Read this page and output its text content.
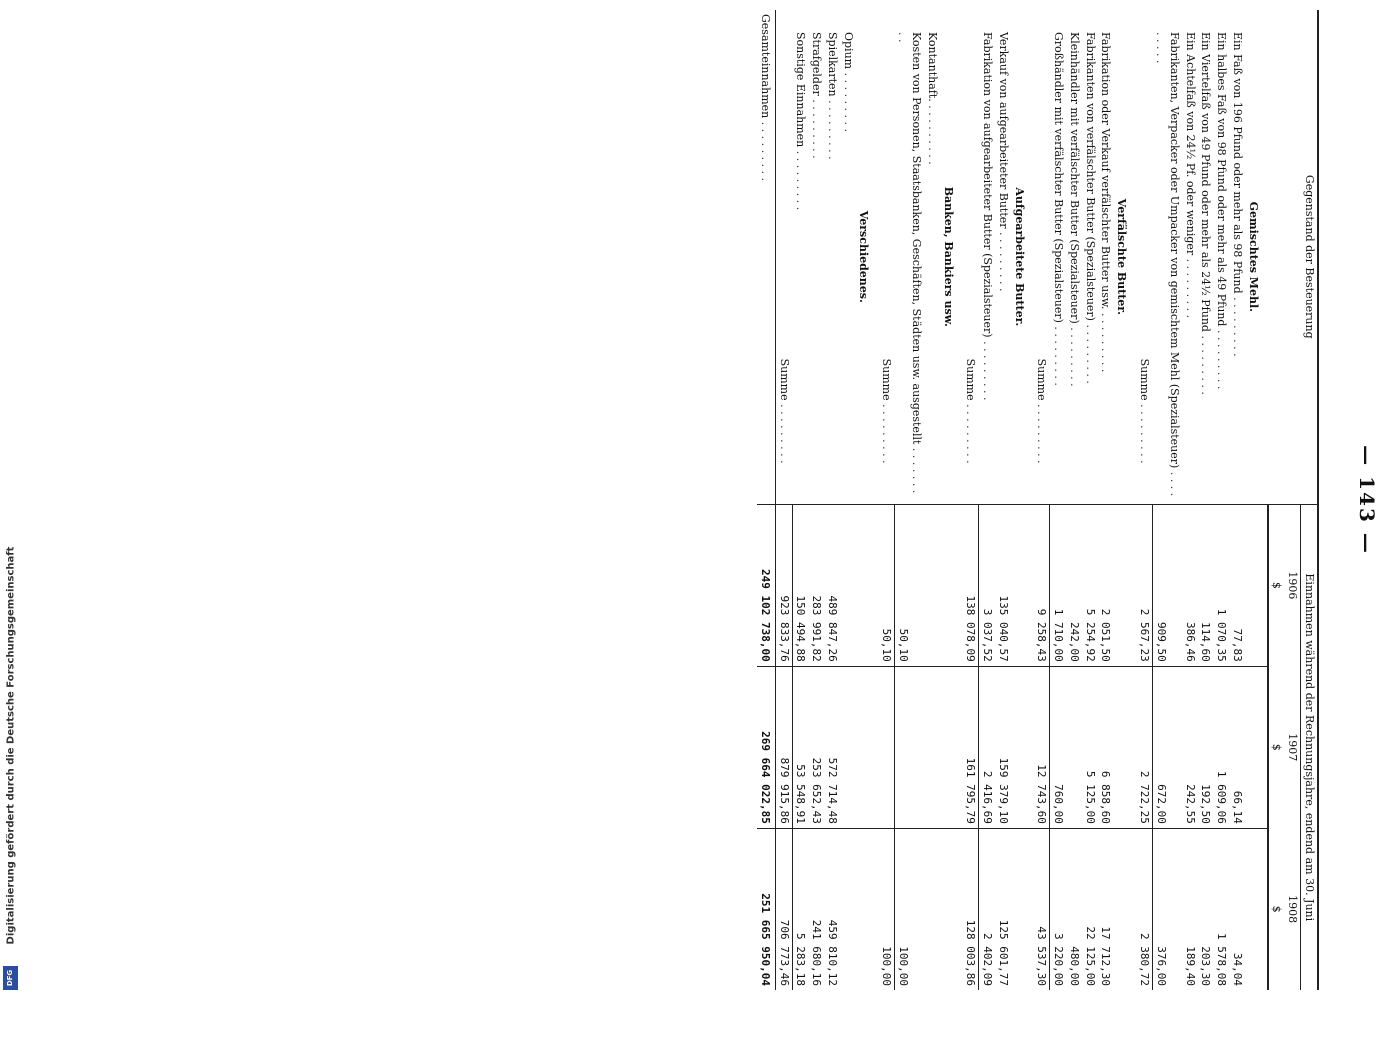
— 143 —
Gegenstand der Besteuerung	Einnahmen während der Rechnungsjahre, endend am 30. Juni		
	1906	1907	1908
	$	$	$
Gemischtes Mehl.			
Ein Faß von 196 Pfund oder mehr als 98 Pfund . . .	77,83	66,14	34,04
Ein halbes Faß von 98 Pfund oder mehr als 49 Pfund . . .	1 070,35	1 609,06	1 578,08
Ein Viertelfaß von 49 Pfund oder mehr als 24½ Pfund . . .	114,60	192,50	203,30
Ein Achtelfaß von 24½ Pf. oder weniger . . .	386,46	242,55	189,40
Fabrikanten, Verpacker oder Umpacker von gemischtem Mehl (Spezialsteuer) . . .	909,50	672,00	376,00
Summe . . .	2 567,23	2 722,25	2 380,72
Verfälschte Butter.			
Fabrikation oder Verkauf verfälschter Butter usw. . . .	2 051,50	6 858,60	17 712,30
Fabrikanten von verfälschter Butter (Spezialsteuer) . . .	5 254,92	5 125,00	22 125,00
Kleinhändler mit verfälschter Butter (Spezialsteuer) . . .	242,00		480,00
Großhändler mit verfälschter Butter (Spezialsteuer) . . .	1 710,00	760,00	3 220,00
Summe . . .	9 258,43	12 743,60	43 537,30
Aufgearbeitete Butter.			
Verkauf von aufgearbeiteter Butter . . .	135 040,57	159 379,10	125 601,77
Fabrikation von aufgearbeiteter Butter (Spezialsteuer) . . .	3 037,52	2 416,69	2 402,09
Summe . . .	138 078,09	161 795,79	128 003,86
Banken, Bankiers usw.			
Kontanthaft. . . .			
Kosten von Personen, Staatsbanken, Geschäften, Städten usw. ausgestellt . . .	50,10		100,00
Summe . . .	50,10		100,00
Verschiedenes.			
Opium . . .			
Spielkarten . . .	489 847,26	572 714,48	459 810,12
Strafgelder . . .	283 991,82	253 652,43	241 680,16
Sonstige Einnahmen . . .	150 494,88	53 548,91	5 283,18
Summe . . .	923 833,76	879 915,86	706 773,46
Gesamteinnahmen . . .	249 102 738,00	269 664 022,85	251 665 950,04
Digitalisierung gefördert durch die Deutsche Forschungsgemeinschaft
DFG
